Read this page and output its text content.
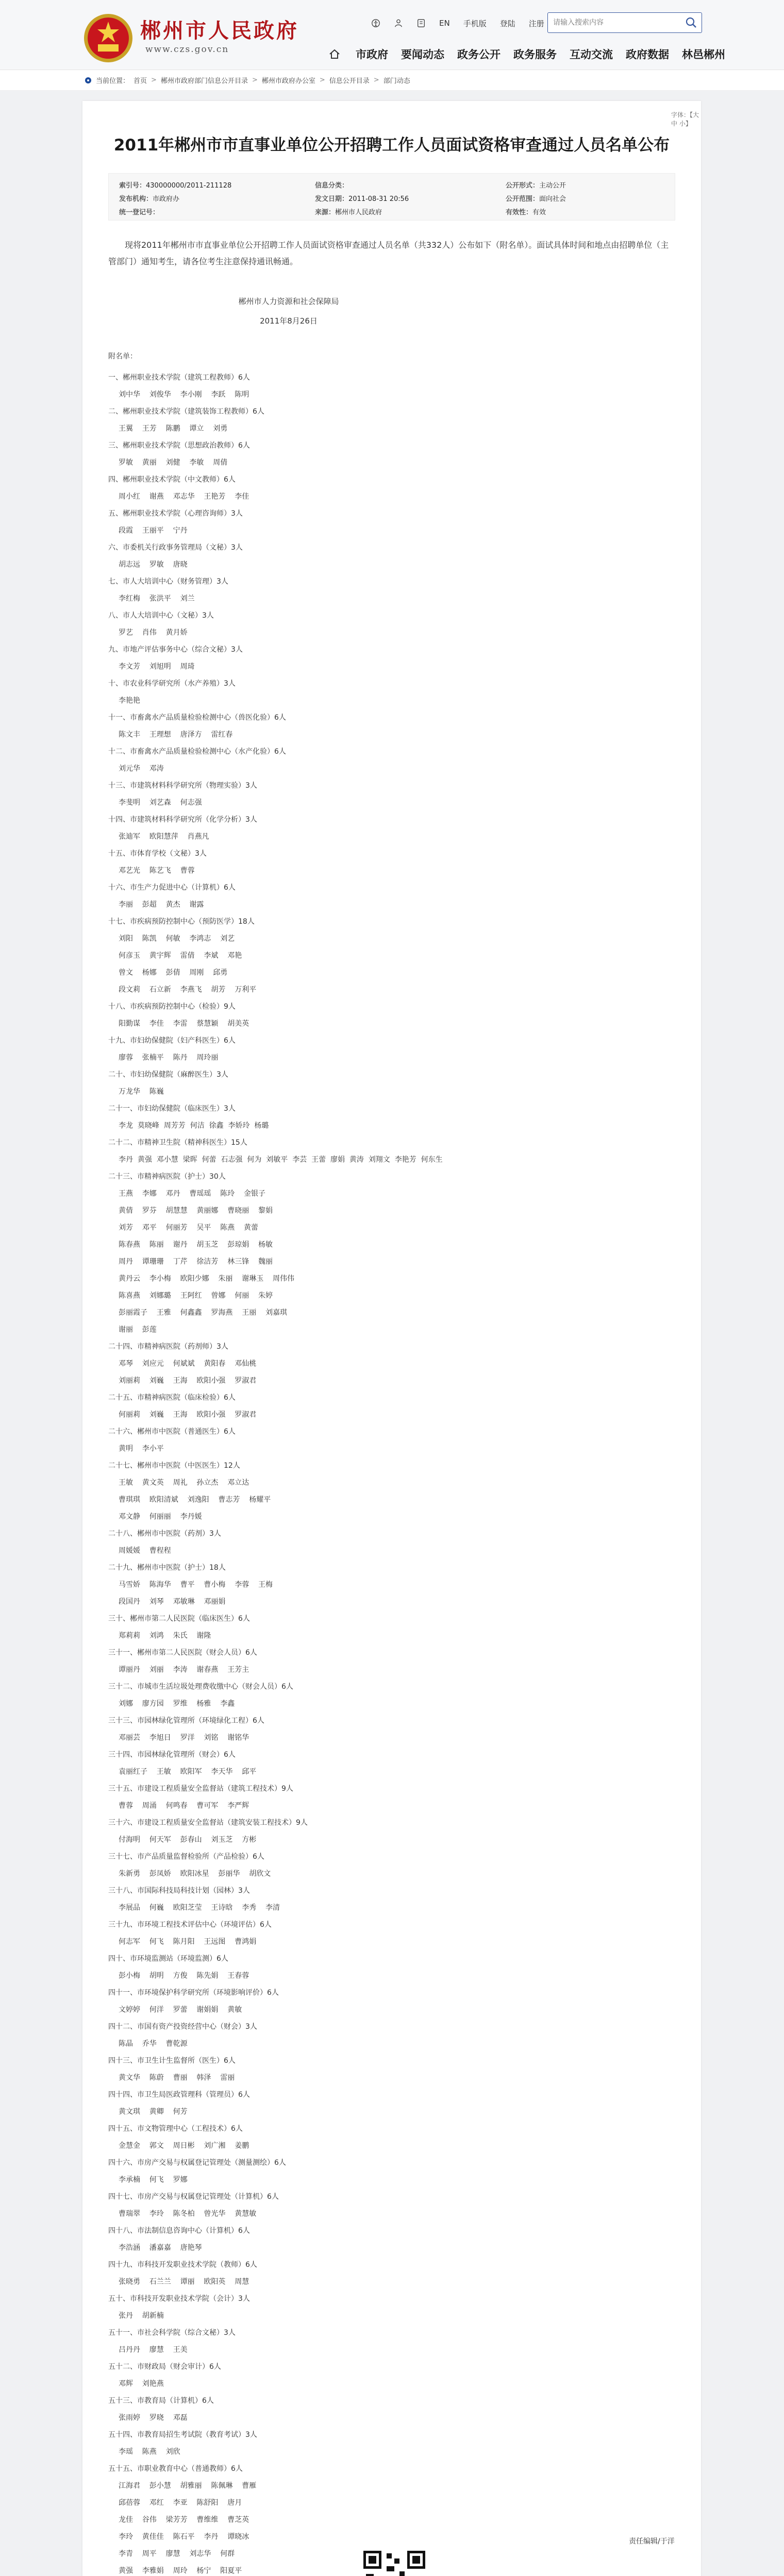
郴州市人民政府
www.czs.gov.cn
EN 手机版 登陆 注册
请输入搜索内容
市政府 要闻动态 政务公开 政务服务 互动交流 政府数据 林邑郴州
当前位置： 首页 > 郴州市政府部门信息公开目录 > 郴州市政府办公室 > 信息公开目录 > 部门动态
字体：【大 中 小】
2011年郴州市市直事业单位公开招聘工作人员面试资格审查通过人员名单公布
索引号：430000000/2011-211128
发布机构：市政府办
统一登记号：
信息分类：
发文日期：2011-08-31 20:56
来源：郴州市人民政府
公开形式：主动公开
公开范围：面向社会
有效性：有效

现将2011年郴州市市直事业单位公开招聘工作人员面试资格审查通过人员名单（共332人）公布如下（附名单）。面试具体时间和地点由招聘单位（主管部门）通知考生，请各位考生注意保持通讯畅通。

郴州市人力资源和社会保障局
2011年8月26日
附名单：
一、郴州职业技术学院（建筑工程教师）6人
刘中华    刘俊华    李小刚    李跃    陈明
二、郴州职业技术学院（建筑装饰工程教师）6人
王翼    王芳    陈鹏    谭立    刘勇
三、郴州职业技术学院（思想政治教师）6人
罗敏    黄丽    刘健    李敏    周倩
四、郴州职业技术学院（中文教师）6人
周小红    谢燕    邓志华    王艳芳    李佳
五、郴州职业技术学院（心理咨询师）3人
段霞    王丽平    宁丹
六、市委机关行政事务管理局（文秘）3人
胡志远    罗敏    唐晓
七、市人大培训中心（财务管理）3人
李红梅    张洪平    刘兰
八、市人大培训中心（文秘）3人
罗艺    肖伟    黄月娇
九、市地产评估事务中心（综合文秘）3人
李文芳    刘旭明    周琦
十、市农业科学研究所（水产养殖）3人
李艳艳
十一、市畜禽水产品质量检验检测中心（兽医化验）6人
陈文丰    王理想    唐泽方    雷红春
十二、市畜禽水产品质量检验检测中心（水产化验）6人
刘元华    邓涛
十三、市建筑材料科学研究所（物理实验）3人
李斐明    刘艺森    何志强
十四、市建筑材料科学研究所（化学分析）3人
张迪军    欧阳慧萍    肖燕凡
十五、市体育学校（文秘）3人
邓艺光    陈艺飞    曹蓉
十六、市生产力促进中心（计算机）6人
李丽    彭超    黄杰    谢露
十七、市疾病预防控制中心（预防医学）18人
刘阳    陈凯    何敏    李鸿志    刘艺
何彦玉    黄宇辉    雷倩    李斌    邓艳
曾文    杨娜    彭倩    周刚    邱勇
段文莉    石立新    李燕飞    胡芳    万利平
十八、市疾病预防控制中心（检验）9人
阳勤谋    李佳    李雷    蔡慧颖    胡美英
十九、市妇幼保健院（妇产科医生）6人
廖蓉    张楠平    陈丹    周玲丽
二十、市妇幼保健院（麻醉医生）3人
万龙华    陈巍
二十一、市妇幼保健院（临床医生）3人
李龙  莫晓峰  周芳芳  何洁  徐鑫  李娇玲  杨璐
二十二、市精神卫生院（精神科医生）15人
李丹  黄强  邓小慧  梁晖  何蕾  石志强  何为  刘敏平  李芸  王蕾  廖娟  黄涛  刘翔文  李艳芳  何东生
二十三、市精神病医院（护士）30人
王燕    李娜    邓丹    曹瑶瑶    陈玲    金银子
黄倩    罗芬    胡慧慧    黄丽娜    曹晓丽    黎娟
刘芳    邓平    何丽芳    吴平    陈燕    黄蕾
陈春燕    陈丽    谢丹    胡玉芝    彭琼娟    杨敏
周丹    谭珊珊    丁芹    徐洁芳    林三锋    魏丽
黄丹云    李小梅    欧阳少娜    朱丽    谢琳玉    周伟伟
陈喜燕    刘娜璐    王阿红    曾娜    何丽    朱婷
彭丽霞子    王雅    何鑫鑫    罗海燕    王丽    刘嘉琪
谢丽    彭莲
二十四、市精神病医院（药剂师）3人
邓琴    刘应元    何斌斌    黄阳春    邓仙桃
刘丽莉    刘巍    王海    欧阳小强    罗淑君
二十五、市精神病医院（临床检验）6人
何丽莉    刘巍    王海    欧阳小强    罗淑君
二十六、郴州市中医院（普通医生）6人
黄明    李小平
二十七、郴州市中医院（中医医生）12人
王敏    黄文英    周礼    孙立杰    邓立达
曹琪琪    欧阳清斌    刘逸阳    曹志芳    杨耀平
邓文静    何丽丽    李丹媛
二十八、郴州市中医院（药剂）3人
周媛媛    曹程程
二十九、郴州市中医院（护士）18人
马雪娇    陈海华    曹平    曹小梅    李蓉    王梅
段国丹    刘琴    邓敏琳    邓丽娟
三十、郴州市第二人民医院（临床医生）6人
郑莉莉    刘鸿    朱氏    谢隆
三十一、郴州市第二人民医院（财会人员）6人
谭丽丹    刘丽    李涛    谢春燕    王芳主
三十二、市城市生活垃圾处理费收缴中心（财会人员）6人
刘娜    廖方园    罗维    杨雅    李鑫
三十三、市园林绿化管理所（环境绿化工程）6人
邓丽芸    李旭日    罗洋    刘铭    谢铭华
三十四、市园林绿化管理所（财会）6人
袁丽红子    王敏    欧阳军    李天华    邱平
三十五、市建设工程质量安全监督站（建筑工程技术）9人
曹蓉    周涌    何鸣春    曹可军    李严辉
三十六、市建设工程质量安全监督站（建筑安装工程技术）9人
付海明    何天军    彭春山    刘玉芝    方彬
三十七、市产品质量监督检验所（产品检验）6人
朱新勇    彭凤娇    欧阳冰星    彭丽华    胡欣文
三十八、市国际科技局科技计划（园林）3人
李展品    何巍    欧阳芝莹    王诗晗    李秀    李清
三十九、市环境工程技术评估中心（环境评估）6人
何志军    何飞    陈月阳    王远图    曹鸿娟
四十、市环境监测站（环境监测）6人
彭小梅    胡明    方俊    陈先娟    王春蓉
四十一、市环境保护科学研究所（环境影响评价）6人
文婷婷    何洋    罗蕾    谢娟娟    黄敏
四十二、市国有资产投资经营中心（财会）3人
陈晶    乔华    曹乾源
四十三、市卫生计生监督所（医生）6人
黄文华    陈蔚    曹丽    韩泽    雷丽
四十四、市卫生局医政管理科（管理员）6人
黄文琪    黄卿    何芳
四十五、市文物管理中心（工程技术）6人
金慧金    郭文    周日彬    刘广湘    姜鹏
四十六、市房产交易与权属登记管理处（测量测绘）6人
李承楠    何飞    罗娜
四十七、市房产交易与权属登记管理处（计算机）6人
曹瑞翠    李玲    陈冬柏    曾光华    黄慧敏
四十八、市法制信息咨询中心（计算机）6人
李浩涵    潘嘉嘉    唐艳琴
四十九、市科技开发职业技术学院（教师）6人
张晓勇    石兰兰    谭丽    欧阳英    周慧
五十、市科技开发职业技术学院（会计）3人
张丹    胡新楠
五十一、市社会科学院（综合文秘）3人
吕丹丹    廖慧    王美
五十二、市财政局（财会审计）6人
邓辉    刘艳燕
五十三、市教育局（计算机）6人
张雨婷    罗晓    邓磊
五十四、市教育局招生考试院（教育考试）3人
李瑶    陈燕    刘欣
五十五、市职业教育中心（普通教师）6人
江海君    彭小慧    胡雅丽    陈佩琳    曹雁
邱蓓蓉    邓红    李亚    陈舒阳    唐月
龙佳    谷伟    梁芳芳    曹维维    曹芝英
李玲    黄佳佳    陈石平    李丹    谭晓冰
李青    周平    廖慧    刘志华    何群
黄强    李雅娟    周玲    杨宁    阳夏平
责任编辑/于洋
